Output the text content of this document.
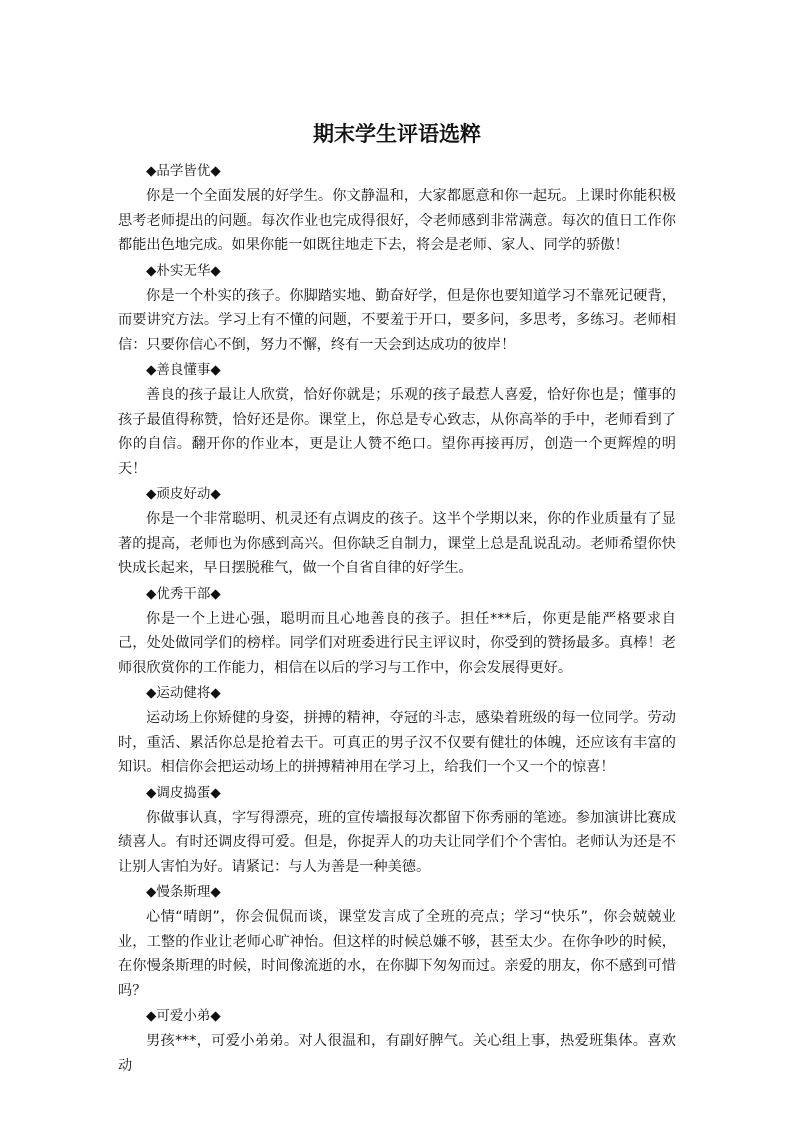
期末学生评语选粹

◆品学皆优◆

你是一个全面发展的好学生。你文静温和，大家都愿意和你一起玩。上课时你能积极思考老师提出的问题。每次作业也完成得很好，令老师感到非常满意。每次的值日工作你都能出色地完成。如果你能一如既往地走下去，将会是老师、家人、同学的骄傲！

◆朴实无华◆

你是一个朴实的孩子。你脚踏实地、勤奋好学，但是你也要知道学习不靠死记硬背，而要讲究方法。学习上有不懂的问题，不要羞于开口，要多问，多思考，多练习。老师相信：只要你信心不倒，努力不懈，终有一天会到达成功的彼岸！

◆善良懂事◆

善良的孩子最让人欣赏，恰好你就是；乐观的孩子最惹人喜爱，恰好你也是；懂事的孩子最值得称赞，恰好还是你。课堂上，你总是专心致志，从你高举的手中，老师看到了你的自信。翻开你的作业本，更是让人赞不绝口。望你再接再厉，创造一个更辉煌的明天！

◆顽皮好动◆

你是一个非常聪明、机灵还有点调皮的孩子。这半个学期以来，你的作业质量有了显著的提高，老师也为你感到高兴。但你缺乏自制力，课堂上总是乱说乱动。老师希望你快快成长起来，早日摆脱稚气，做一个自省自律的好学生。

◆优秀干部◆

你是一个上进心强，聪明而且心地善良的孩子。担任***后，你更是能严格要求自己，处处做同学们的榜样。同学们对班委进行民主评议时，你受到的赞扬最多。真棒！老师很欣赏你的工作能力，相信在以后的学习与工作中，你会发展得更好。

◆运动健将◆

运动场上你矫健的身姿，拼搏的精神，夺冠的斗志，感染着班级的每一位同学。劳动时，重活、累活你总是抢着去干。可真正的男子汉不仅要有健壮的体魄，还应该有丰富的知识。相信你会把运动场上的拼搏精神用在学习上，给我们一个又一个的惊喜！

◆调皮捣蛋◆

你做事认真，字写得漂亮，班的宣传墙报每次都留下你秀丽的笔迹。参加演讲比赛成绩喜人。有时还调皮得可爱。但是，你捉弄人的功夫让同学们个个害怕。老师认为还是不让别人害怕为好。请紧记：与人为善是一种美德。

◆慢条斯理◆

心情“晴朗”，你会侃侃而谈，课堂发言成了全班的亮点；学习“快乐”，你会兢兢业业，工整的作业让老师心旷神怡。但这样的时候总嫌不够，甚至太少。在你争吵的时候，在你慢条斯理的时候，时间像流逝的水，在你脚下匆匆而过。亲爱的朋友，你不感到可惜吗？

◆可爱小弟◆

男孩***，可爱小弟弟。对人很温和，有副好脾气。关心组上事，热爱班集体。喜欢动
